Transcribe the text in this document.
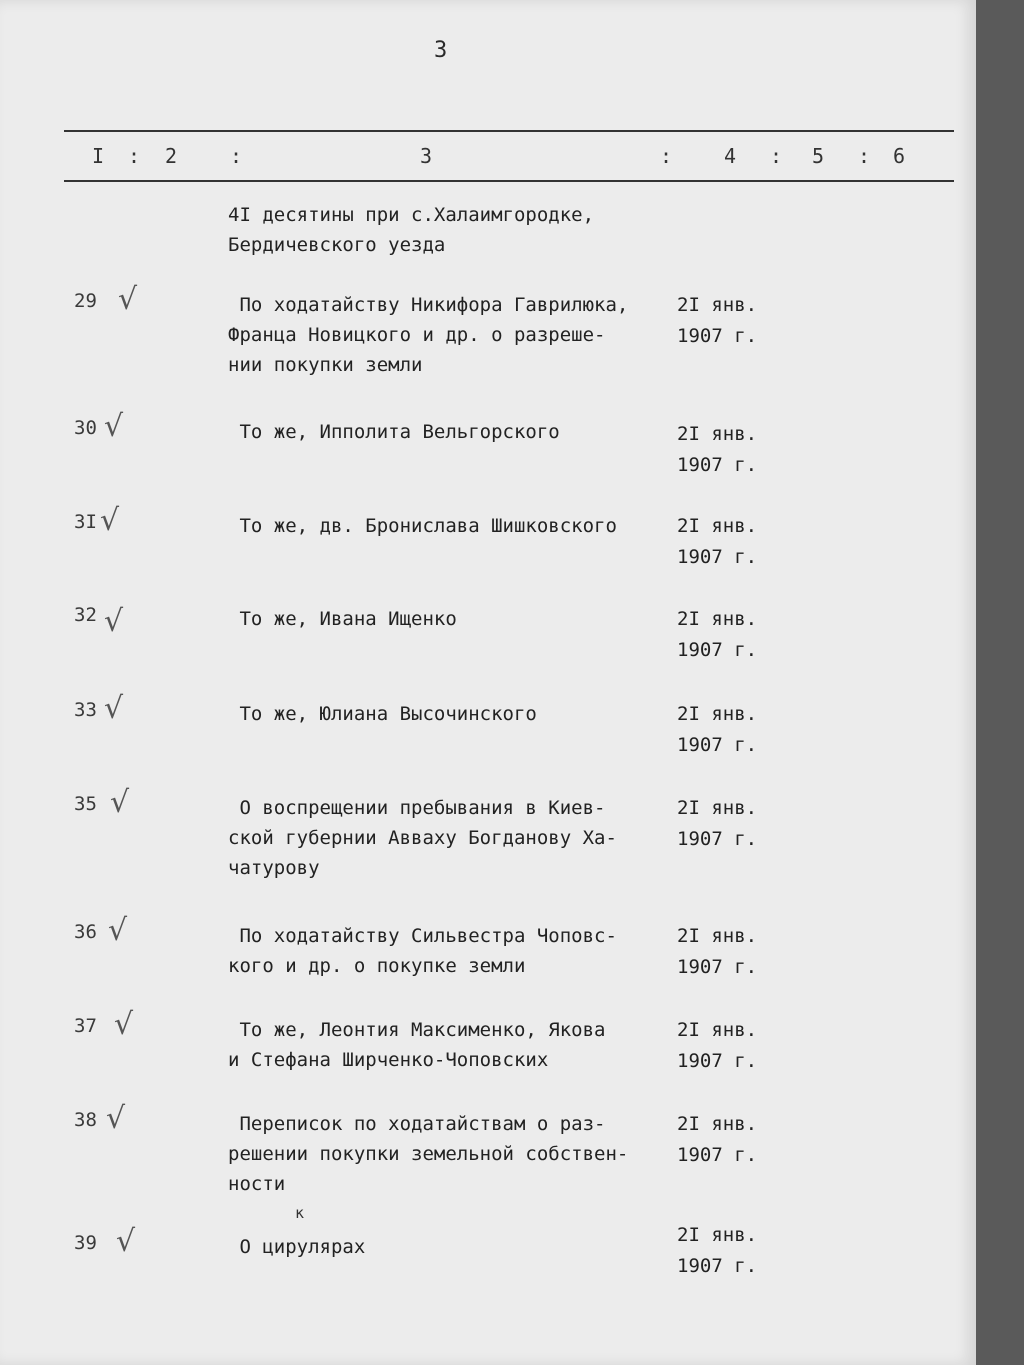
3
I : 2	:	3	:	4 : 5 : 6
4I десятины при с.Халаимгородке,
Бердичевского уезда
29 √	По ходатайству Никифора Гаврилюка,
Франца Новицкого и др. о разреше-
нии покупки земли
2I янв.
1907 г.
30 √	То же, Ипполита Вельгорского	2I янв.
1907 г.
3I √	То же, дв. Бронислава Шишковского	2I янв.
1907 г.
32 √	То же, Ивана Ищенко	2I янв.
1907 г.
33 √	То же, Юлиана Высочинского	2I янв.
1907 г.
35 √	О воспрещении пребывания в Киев-
ской губернии Авваху Богданову Ха-
чатурову
2I янв.
1907 г.
36 √	По ходатайству Сильвестра Чоповс-
кого и др. о покупке земли
2I янв.
1907 г.
37 √	То же, Леонтия Максименко, Якова
и Стефана Ширченко-Чоповских
2I янв.
1907 г.
38 √	Переписок по ходатайствам о раз-
решении покупки земельной собствен-
ности
2I янв.
1907 г.
к
39 √	О цирулярах
2I янв.
1907 г.
